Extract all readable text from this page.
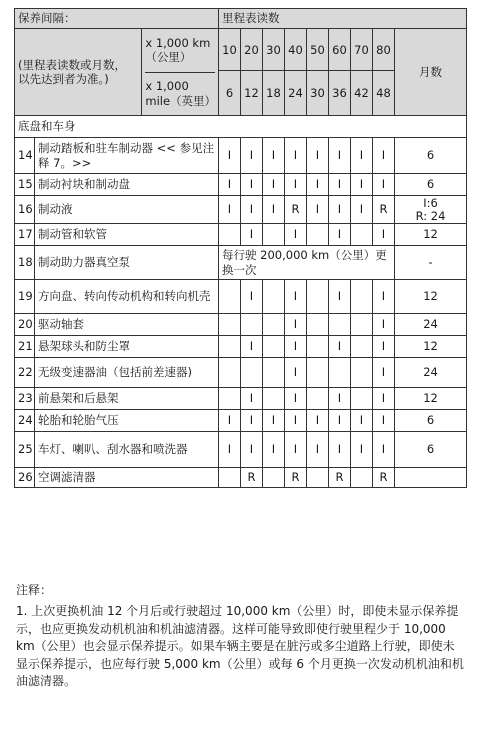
保养间隔：		里程表读数								

(里程表读数或月数，以先达到者为准。)
x 1,000 km（公里）
x 1,000 mile（英里）		10	20	30	40	50	60	70	80	月数
		6	12	18	24	30	36	42	48	
底盘和车身										
14	制动踏板和驻车制动器 << 参见注释 7。>>	I	I	I	I	I	I	I	I	6
15	制动衬块和制动盘	I	I	I	I	I	I	I	I	6
16	制动液	I	I	I	R	I	I	I	R	I:6
R: 24
17	制动管和软管		I		I		I		I	12
18	制动助力器真空泵	每行驶 200,000 km（公里）更换一次								-
19	方向盘、转向传动机构和转向机壳		I		I		I		I	12
20	驱动轴套				I				I	24
21	悬架球头和防尘罩		I		I		I		I	12
22	无级变速器油（包括前差速器)				I				I	24
23	前悬架和后悬架		I		I		I		I	12
24	轮胎和轮胎气压	I	I	I	I	I	I	I	I	6
25	车灯、喇叭、刮水器和喷洗器	I	I	I	I	I	I	I	I	6
26	空调滤清器		R		R		R		R	

注释：

1. 上次更换机油 12 个月后或行驶超过 10,000 km（公里）时，即使未显示保养提示，也应更换发动机机油和机油滤清器。这样可能导致即使行驶里程少于 10,000 km（公里）也会显示保养提示。如果车辆主要是在脏污或多尘道路上行驶，即使未显示保养提示，也应每行驶 5,000 km（公里）或每 6 个月更换一次发动机机油和机油滤清器。
